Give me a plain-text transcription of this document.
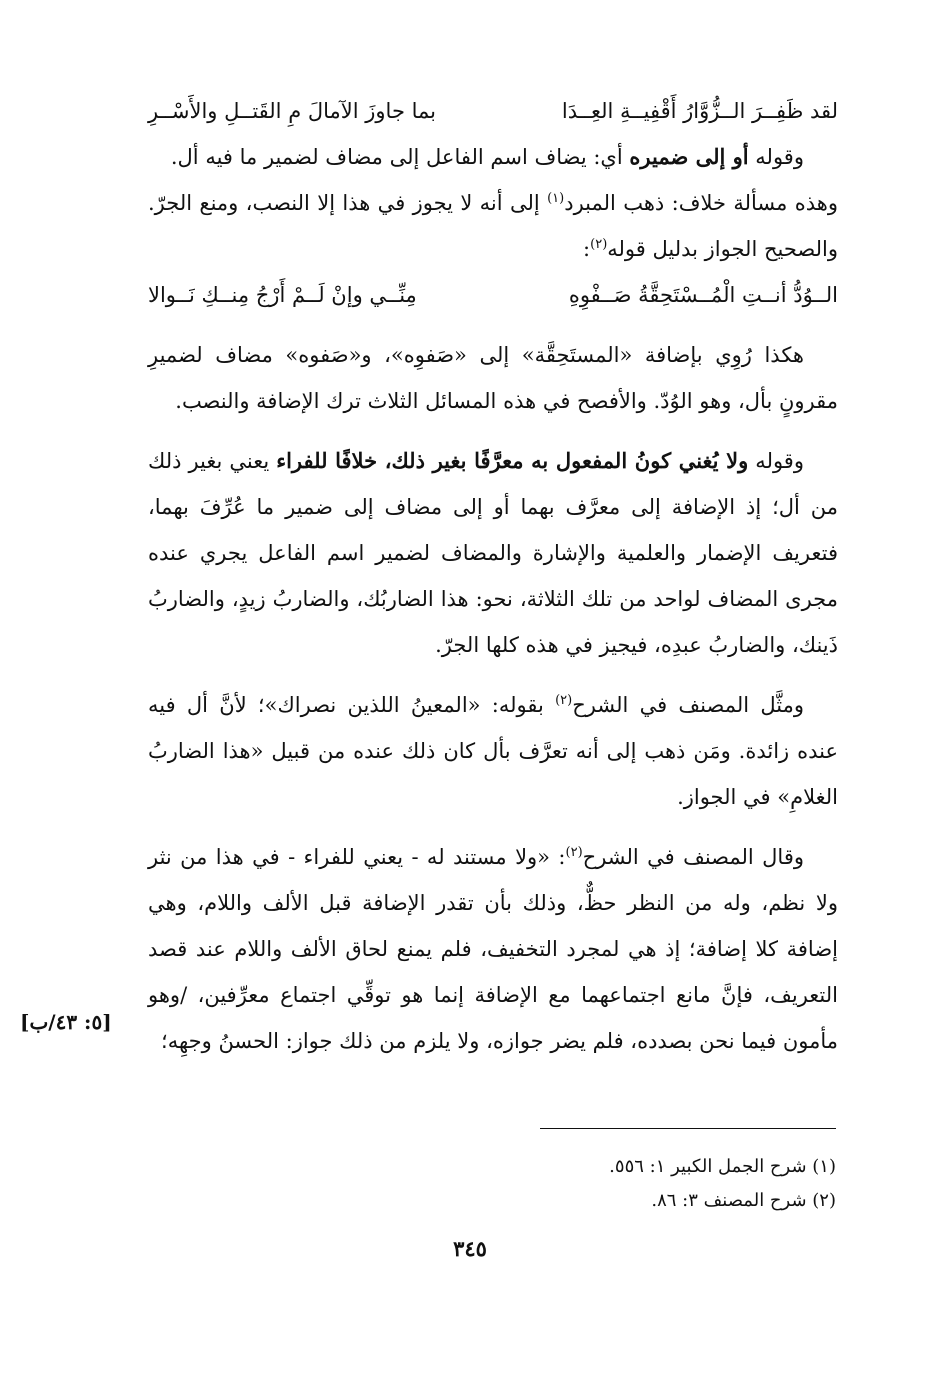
لقد ظَفِــرَ الــزُّوَّارُ أَقْفِيــةِ العِــدَا
بما جاوزَ الآمالَ مِ القَتــلِ والأَسْــرِ

وقوله أو إلى ضميره أي: يضاف اسم الفاعل إلى مضاف لضمير ما فيه أل.

وهذه مسألة خلاف: ذهب المبرد$^{(١)}$ إلى أنه لا يجوز في هذا إلا النصب، ومنع الجرّ. والصحيح الجواز بدليل قوله$^{(٢)}$:

الــوُدُّ أنــتِ الْمُــسْتَحِقَّةُ صَــفْوِهِ
مِنِّــي وإنْ لَــمْ أَرْجُ مِنــكِ نَــوالا

هكذا رُوِي بإضافة «المستَحِقَّة» إلى «صَفوِه»، و«صَفوه» مضاف لضميرِ مقرونٍ بأل، وهو الوُدّ. والأفصح في هذه المسائل الثلاث ترك الإضافة والنصب.

وقوله ولا يُغني كونُ المفعول به معرَّفًا بغير ذلك، خلافًا للفراء يعني بغير ذلك من أل؛ إذ الإضافة إلى معرَّف بهما أو إلى مضاف إلى ضمير ما عُرِّفَ بهما، فتعريف الإضمار والعلمية والإشارة والمضاف لضمير اسم الفاعل يجري عنده مجرى المضاف لواحد من تلك الثلاثة، نحو: هذا الضاربُك، والضاربُ زيدٍ، والضاربُ ذَينك، والضاربُ عبدِه، فيجيز في هذه كلها الجرّ.

ومثَّل المصنف في الشرح$^{(٢)}$ بقوله: «المعينُ اللذين نصراك»؛ لأنَّ أل فيه عنده زائدة. ومَن ذهب إلى أنه تعرَّف بأل كان ذلك عنده من قبيل «هذا الضاربُ الغلامِ» في الجواز.

وقال المصنف في الشرح$^{(٢)}$: «ولا مستند له - يعني للفراء - في هذا من نثر ولا نظم، وله من النظر حظٌّ، وذلك بأن تقدر الإضافة قبل الألف واللام، وهي إضافة كلا إضافة؛ إذ هي لمجرد التخفيف، فلم يمنع لحاق الألف واللام عند قصد التعريف، فإنَّ مانع اجتماعهما مع الإضافة إنما هو توقِّي اجتماع معرِّفين، /وهو مأمون فيما نحن بصدده، فلم يضر جوازه، ولا يلزم من ذلك جواز: الحسنُ وجهِه؛

[٥: ٤٣/ب]
(١) شرح الجمل الكبير ١: ٥٥٦.
(٢) شرح المصنف ٣: ٨٦.
٣٤٥
